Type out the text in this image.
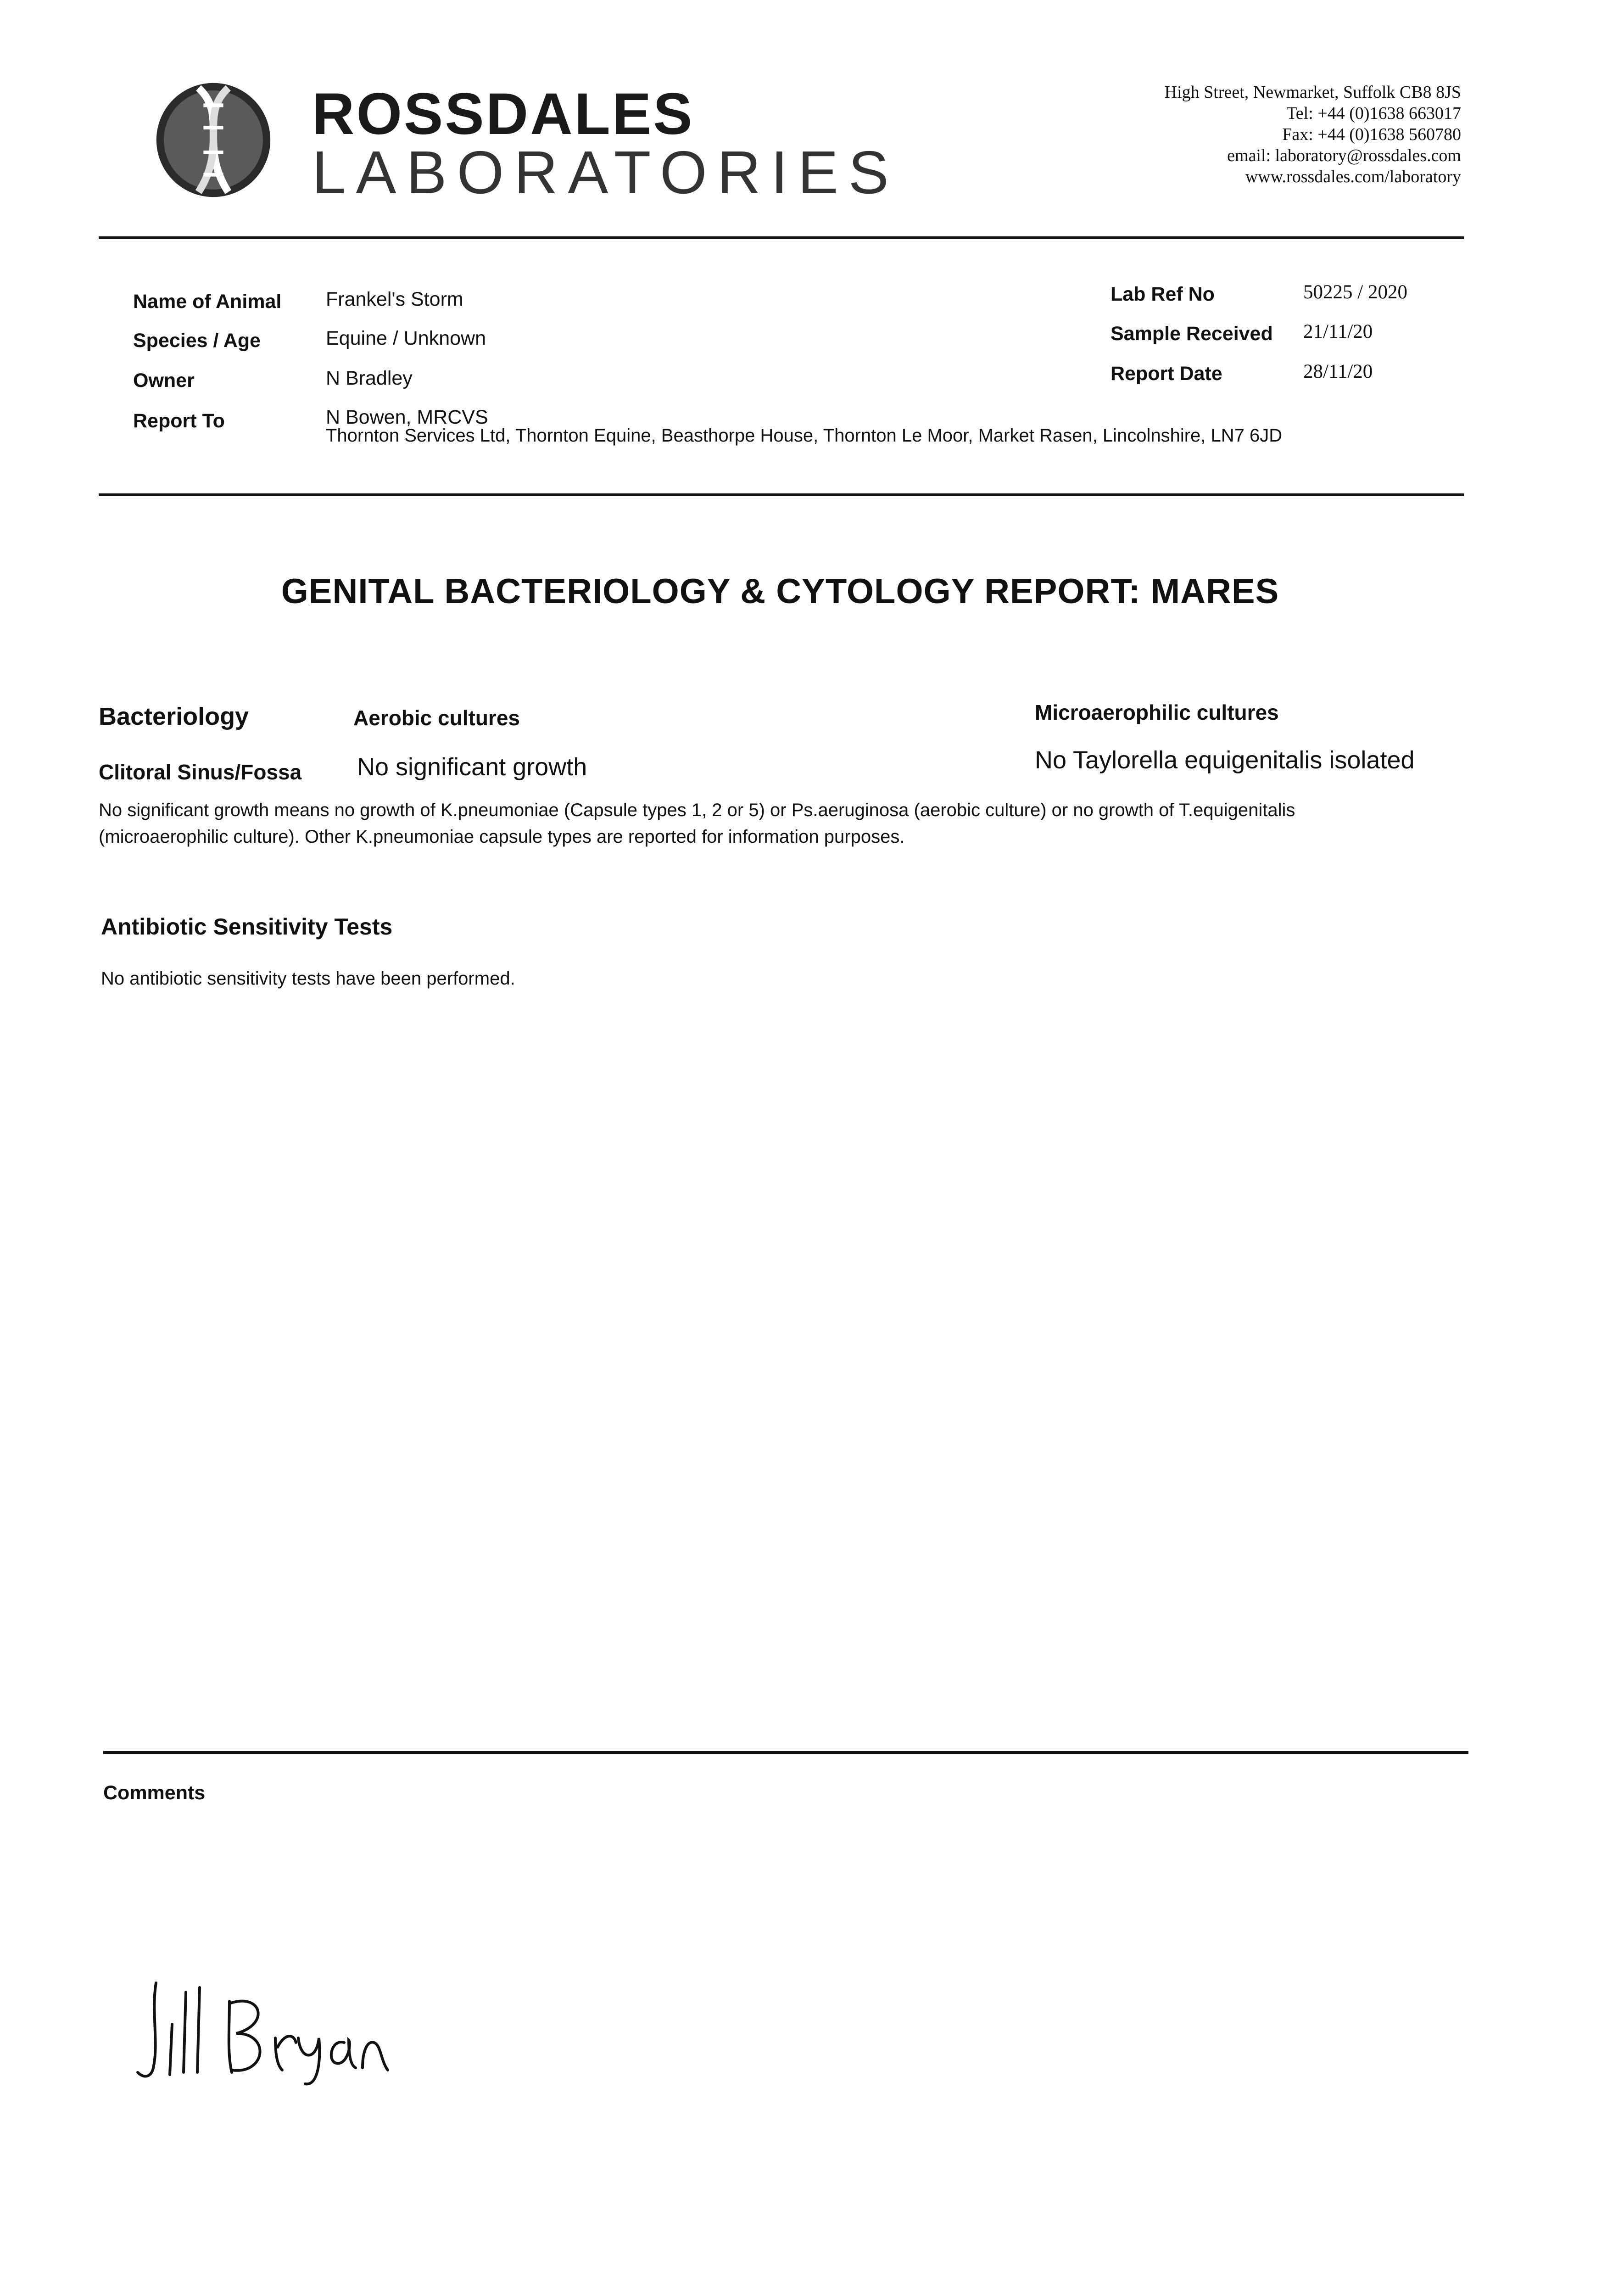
ROSSDALES
LABORATORIES
High Street, Newmarket, Suffolk CB8 8JS
Tel: +44 (0)1638 663017
Fax: +44 (0)1638 560780
email: laboratory@rossdales.com
www.rossdales.com/laboratory
Name of Animal Frankel's Storm
Species / Age	Equine / Unknown
Owner	N Bradley
Report To	N Bowen, MRCVS
Thornton Services Ltd, Thornton Equine, Beasthorpe House, Thornton Le Moor, Market Rasen, Lincolnshire, LN7 6JD
Lab Ref No	50225 / 2020
Sample Received 21/11/20
Report Date	28/11/20
GENITAL BACTERIOLOGY & CYTOLOGY REPORT: MARES
Bacteriology	Aerobic cultures	Microaerophilic cultures
Clitoral Sinus/Fossa No significant growth	No Taylorella equigenitalis isolated
No significant growth means no growth of K.pneumoniae (Capsule types 1, 2 or 5) or Ps.aeruginosa (aerobic culture) or no growth of T.equigenitalis
(microaerophilic culture). Other K.pneumoniae capsule types are reported for information purposes.
Antibiotic Sensitivity Tests
No antibiotic sensitivity tests have been performed.
Comments
